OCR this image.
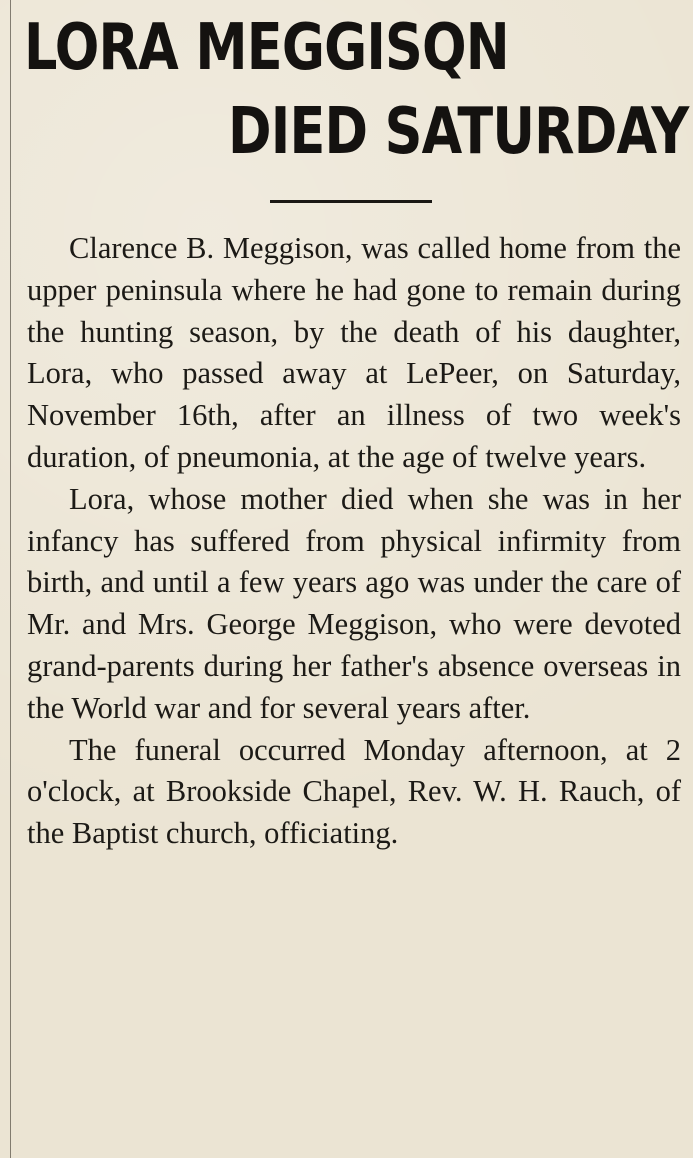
LORA MEGGISQN
DIED SATURDAY

Clarence B. Meggison, was called home from the upper peninsula where he had gone to remain during the hunting season, by the death of his daughter, Lora, who passed away at LePeer, on Saturday, November 16th, after an illness of two week's duration, of pneumonia, at the age of twelve years.

Lora, whose mother died when she was in her infancy has suffered from physical infirmity from birth, and until a few years ago was under the care of Mr. and Mrs. George Meggison, who were devoted grand-parents during her father's absence overseas in the World war and for several years after.

The funeral occurred Monday afternoon, at 2 o'clock, at Brookside Chapel, Rev. W. H. Rauch, of the Baptist church, officiating.
